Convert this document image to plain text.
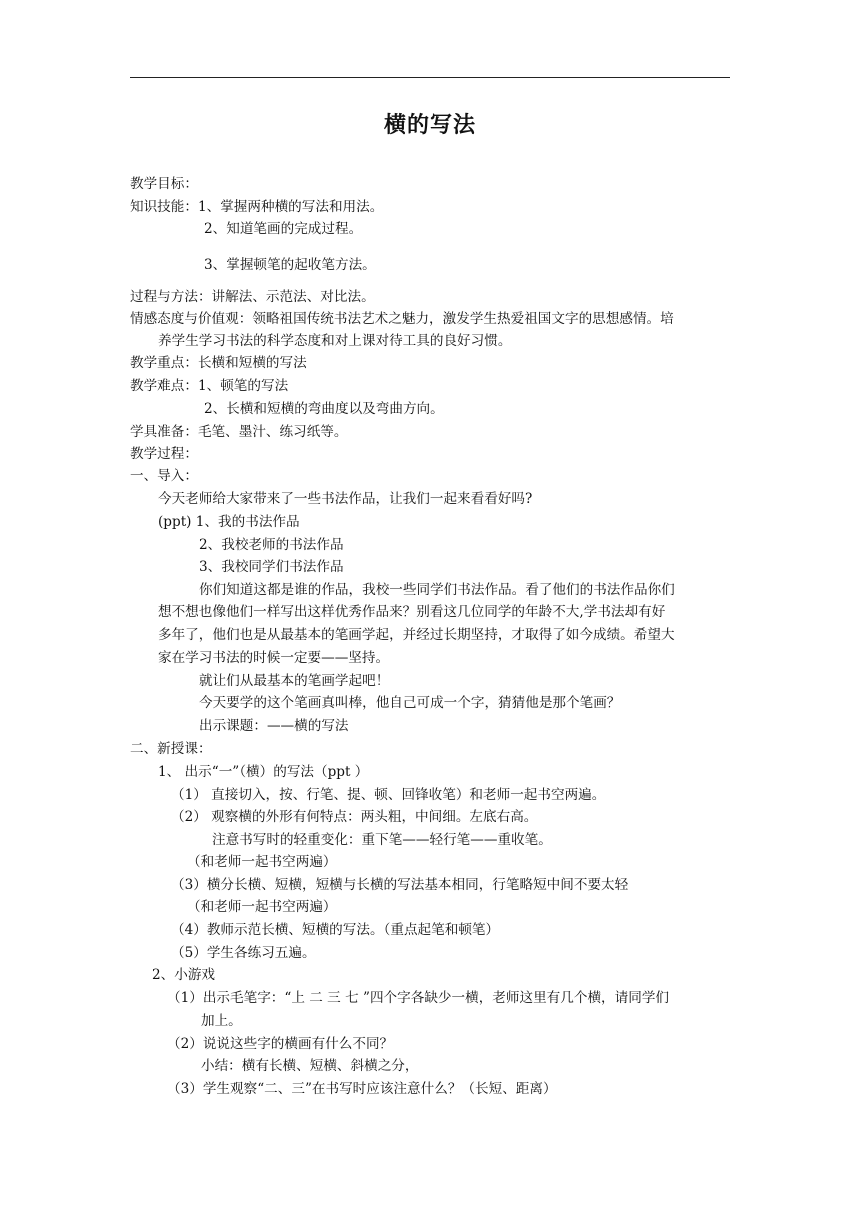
横的写法
教学目标：
知识技能：1、掌握两种横的写法和用法。
2、知道笔画的完成过程。
3、掌握顿笔的起收笔方法。
过程与方法：讲解法、示范法、对比法。
情感态度与价值观：领略祖国传统书法艺术之魅力，激发学生热爱祖国文字的思想感情。培
养学生学习书法的科学态度和对上课对待工具的良好习惯。
教学重点：长横和短横的写法
教学难点：1、顿笔的写法
2、长横和短横的弯曲度以及弯曲方向。
学具准备：毛笔、墨汁、练习纸等。
教学过程：
一、导入：
今天老师给大家带来了一些书法作品，让我们一起来看看好吗?
(ppt) 1、我的书法作品
2、我校老师的书法作品
3、我校同学们书法作品
你们知道这都是谁的作品，我校一些同学们书法作品。看了他们的书法作品你们
想不想也像他们一样写出这样优秀作品来？别看这几位同学的年龄不大,学书法却有好
多年了，他们也是从最基本的笔画学起，并经过长期坚持，才取得了如今成绩。希望大
家在学习书法的时候一定要——坚持。
就让们从最基本的笔画学起吧！
今天要学的这个笔画真叫棒，他自己可成一个字，猜猜他是那个笔画？
出示课题：——横的写法
二、新授课：
1、 出示“一”（横）的写法（ppt ）
（1） 直接切入，按、行笔、提、顿、回锋收笔）和老师一起书空两遍。
（2） 观察横的外形有何特点：两头粗，中间细。左底右高。
注意书写时的轻重变化：重下笔——轻行笔——重收笔。
（和老师一起书空两遍）
（3）横分长横、短横，短横与长横的写法基本相同，行笔略短中间不要太轻
（和老师一起书空两遍）
（4）教师示范长横、短横的写法。（重点起笔和顿笔）
（5）学生各练习五遍。
2、小游戏
（1）出示毛笔字：“上 二 三 七 ”四个字各缺少一横，老师这里有几个横，请同学们
加上。
（2）说说这些字的横画有什么不同？
小结：横有长横、短横、斜横之分，
（3）学生观察“二、三”在书写时应该注意什么？（长短、距离）
